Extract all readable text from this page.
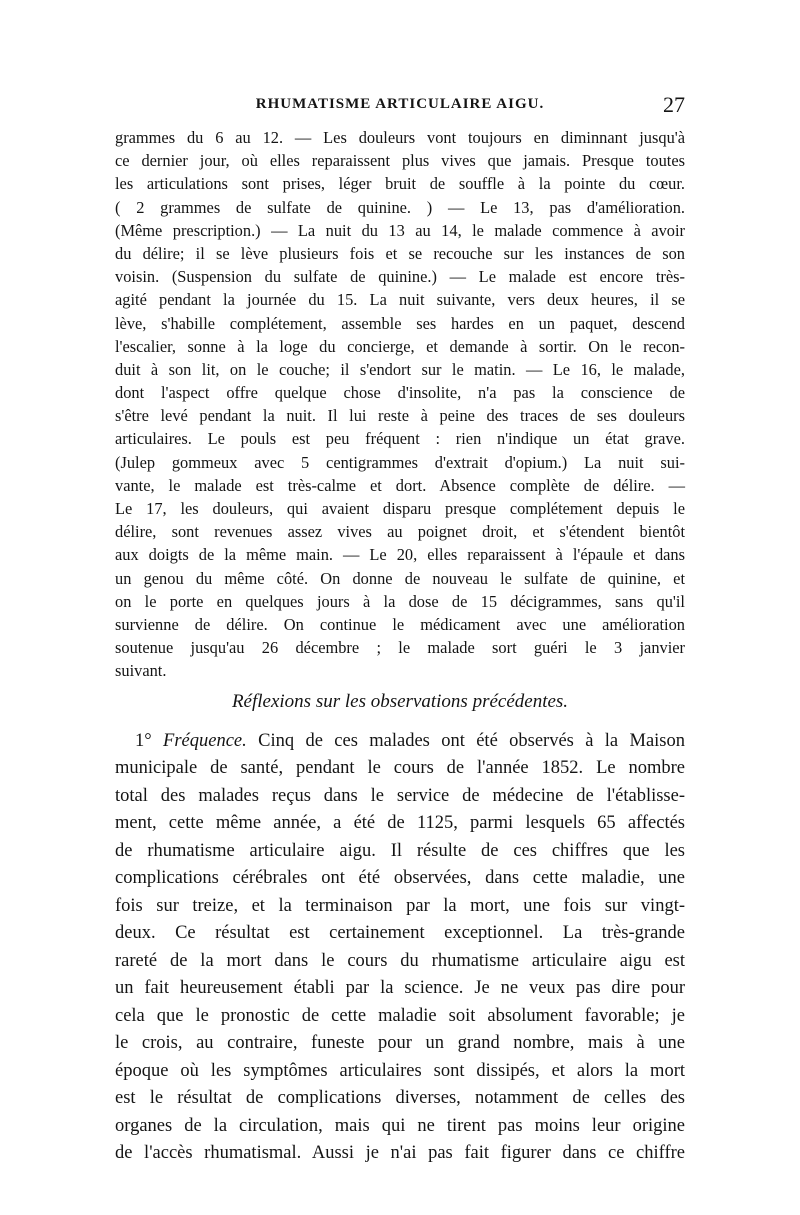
RHUMATISME ARTICULAIRE AIGU.	27
grammes du 6 au 12. — Les douleurs vont toujours en diminnant jusqu'à
ce dernier jour, où elles reparaissent plus vives que jamais. Presque toutes
les articulations sont prises, léger bruit de souffle à la pointe du cœur.
( 2 grammes de sulfate de quinine. ) — Le 13, pas d'amélioration.
(Même prescription.) — La nuit du 13 au 14, le malade commence à avoir
du délire; il se lève plusieurs fois et se recouche sur les instances de son
voisin. (Suspension du sulfate de quinine.) — Le malade est encore très-
agité pendant la journée du 15. La nuit suivante, vers deux heures, il se
lève, s'habille complétement, assemble ses hardes en un paquet, descend
l'escalier, sonne à la loge du concierge, et demande à sortir. On le recon-
duit à son lit, on le couche; il s'endort sur le matin. — Le 16, le malade,
dont l'aspect offre quelque chose d'insolite, n'a pas la conscience de
s'être levé pendant la nuit. Il lui reste à peine des traces de ses douleurs
articulaires. Le pouls est peu fréquent : rien n'indique un état grave.
(Julep gommeux avec 5 centigrammes d'extrait d'opium.) La nuit sui-
vante, le malade est très-calme et dort. Absence complète de délire. —
Le 17, les douleurs, qui avaient disparu presque complétement depuis le
délire, sont revenues assez vives au poignet droit, et s'étendent bientôt
aux doigts de la même main. — Le 20, elles reparaissent à l'épaule et dans
un genou du même côté. On donne de nouveau le sulfate de quinine, et
on le porte en quelques jours à la dose de 15 décigrammes, sans qu'il
survienne de délire. On continue le médicament avec une amélioration
soutenue jusqu'au 26 décembre ; le malade sort guéri le 3 janvier
suivant.
Réflexions sur les observations précédentes.
1° Fréquence. Cinq de ces malades ont été observés à la Maison
municipale de santé, pendant le cours de l'année 1852. Le nombre
total des malades reçus dans le service de médecine de l'établisse-
ment, cette même année, a été de 1125, parmi lesquels 65 affectés
de rhumatisme articulaire aigu. Il résulte de ces chiffres que les
complications cérébrales ont été observées, dans cette maladie, une
fois sur treize, et la terminaison par la mort, une fois sur vingt-
deux. Ce résultat est certainement exceptionnel. La très-grande
rareté de la mort dans le cours du rhumatisme articulaire aigu est
un fait heureusement établi par la science. Je ne veux pas dire pour
cela que le pronostic de cette maladie soit absolument favorable; je
le crois, au contraire, funeste pour un grand nombre, mais à une
époque où les symptômes articulaires sont dissipés, et alors la mort
est le résultat de complications diverses, notamment de celles des
organes de la circulation, mais qui ne tirent pas moins leur origine
de l'accès rhumatismal. Aussi je n'ai pas fait figurer dans ce chiffre
